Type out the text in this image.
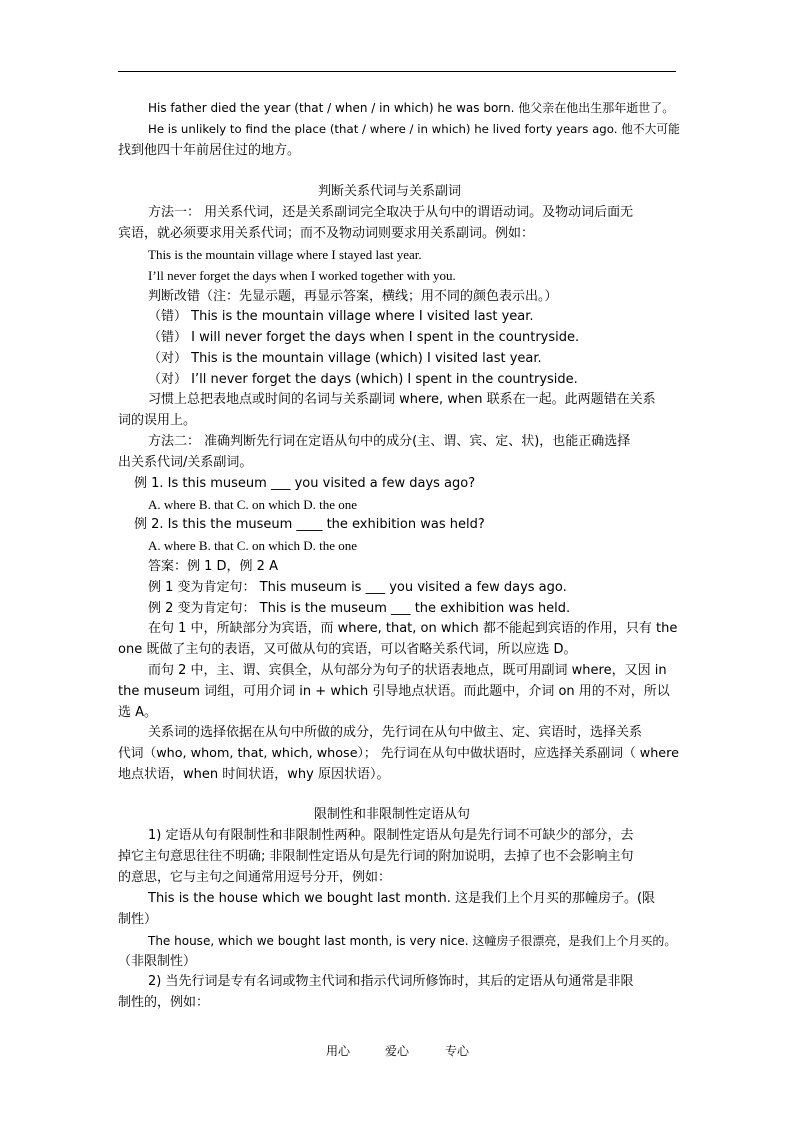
His father died the year (that / when / in which) he was born. 他父亲在他出生那年逝世了。
He is unlikely to find the place (that / where / in which) he lived forty years ago. 他不大可能
找到他四十年前居住过的地方。
判断关系代词与关系副词
方法一： 用关系代词，还是关系副词完全取决于从句中的谓语动词。及物动词后面无
宾语，就必须要求用关系代词；而不及物动词则要求用关系副词。例如：
This is the mountain village where I stayed last year.
I’ll never forget the days when I worked together with you.
判断改错（注：先显示题，再显示答案，横线；用不同的颜色表示出。）
（错） This is the mountain village where I visited last year.
（错） I will never forget the days when I spent in the countryside.
（对） This is the mountain village (which) I visited last year.
（对） I’ll never forget the days (which) I spent in the countryside.
习惯上总把表地点或时间的名词与关系副词 where, when 联系在一起。此两题错在关系
词的误用上。
方法二： 准确判断先行词在定语从句中的成分(主、谓、宾、定、状)，也能正确选择
出关系代词/关系副词。
例 1. Is this museum ___ you visited a few days ago?
A. where B. that C. on which D. the one
例 2. Is this the museum ____ the exhibition was held?
A. where B. that C. on which D. the one
答案：例 1 D，例 2 A
例 1 变为肯定句： This museum is ___ you visited a few days ago.
例 2 变为肯定句： This is the museum ___ the exhibition was held.
在句 1 中，所缺部分为宾语，而 where, that, on which 都不能起到宾语的作用，只有 the
one 既做了主句的表语，又可做从句的宾语，可以省略关系代词，所以应选 D。
而句 2 中，主、谓、宾俱全，从句部分为句子的状语表地点，既可用副词 where，又因 in
the museum 词组，可用介词 in + which 引导地点状语。而此题中，介词 on 用的不对，所以
选 A。
关系词的选择依据在从句中所做的成分，先行词在从句中做主、定、宾语时，选择关系
代词（who, whom, that, which, whose）； 先行词在从句中做状语时，应选择关系副词（ where
地点状语，when 时间状语，why 原因状语）。
限制性和非限制性定语从句
1) 定语从句有限制性和非限制性两种。限制性定语从句是先行词不可缺少的部分，去
掉它主句意思往往不明确; 非限制性定语从句是先行词的附加说明，去掉了也不会影响主句
的意思，它与主句之间通常用逗号分开，例如：
This is the house which we bought last month. 这是我们上个月买的那幢房子。(限
制性）
The house, which we bought last month, is very nice. 这幢房子很漂亮，是我们上个月买的。
（非限制性）
2) 当先行词是专有名词或物主代词和指示代词所修饰时，其后的定语从句通常是非限
制性的，例如：
用心	爱心	专心
